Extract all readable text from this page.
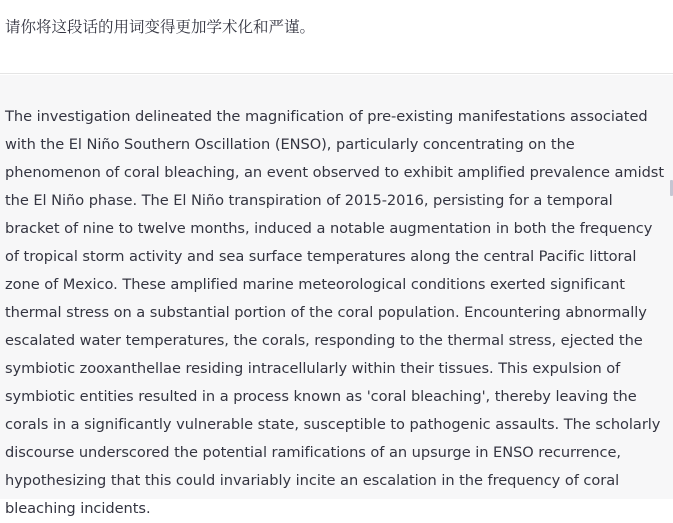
请你将这段话的用词变得更加学术化和严谨。

The investigation delineated the magnification of pre-existing manifestations associated with the El Niño Southern Oscillation (ENSO), particularly concentrating on the phenomenon of coral bleaching, an event observed to exhibit amplified prevalence amidst the El Niño phase. The El Niño transpiration of 2015-2016, persisting for a temporal bracket of nine to twelve months, induced a notable augmentation in both the frequency of tropical storm activity and sea surface temperatures along the central Pacific littoral zone of Mexico. These amplified marine meteorological conditions exerted significant thermal stress on a substantial portion of the coral population. Encountering abnormally escalated water temperatures, the corals, responding to the thermal stress, ejected the symbiotic zooxanthellae residing intracellularly within their tissues. This expulsion of symbiotic entities resulted in a process known as 'coral bleaching', thereby leaving the corals in a significantly vulnerable state, susceptible to pathogenic assaults. The scholarly discourse underscored the potential ramifications of an upsurge in ENSO recurrence, hypothesizing that this could invariably incite an escalation in the frequency of coral bleaching incidents.
